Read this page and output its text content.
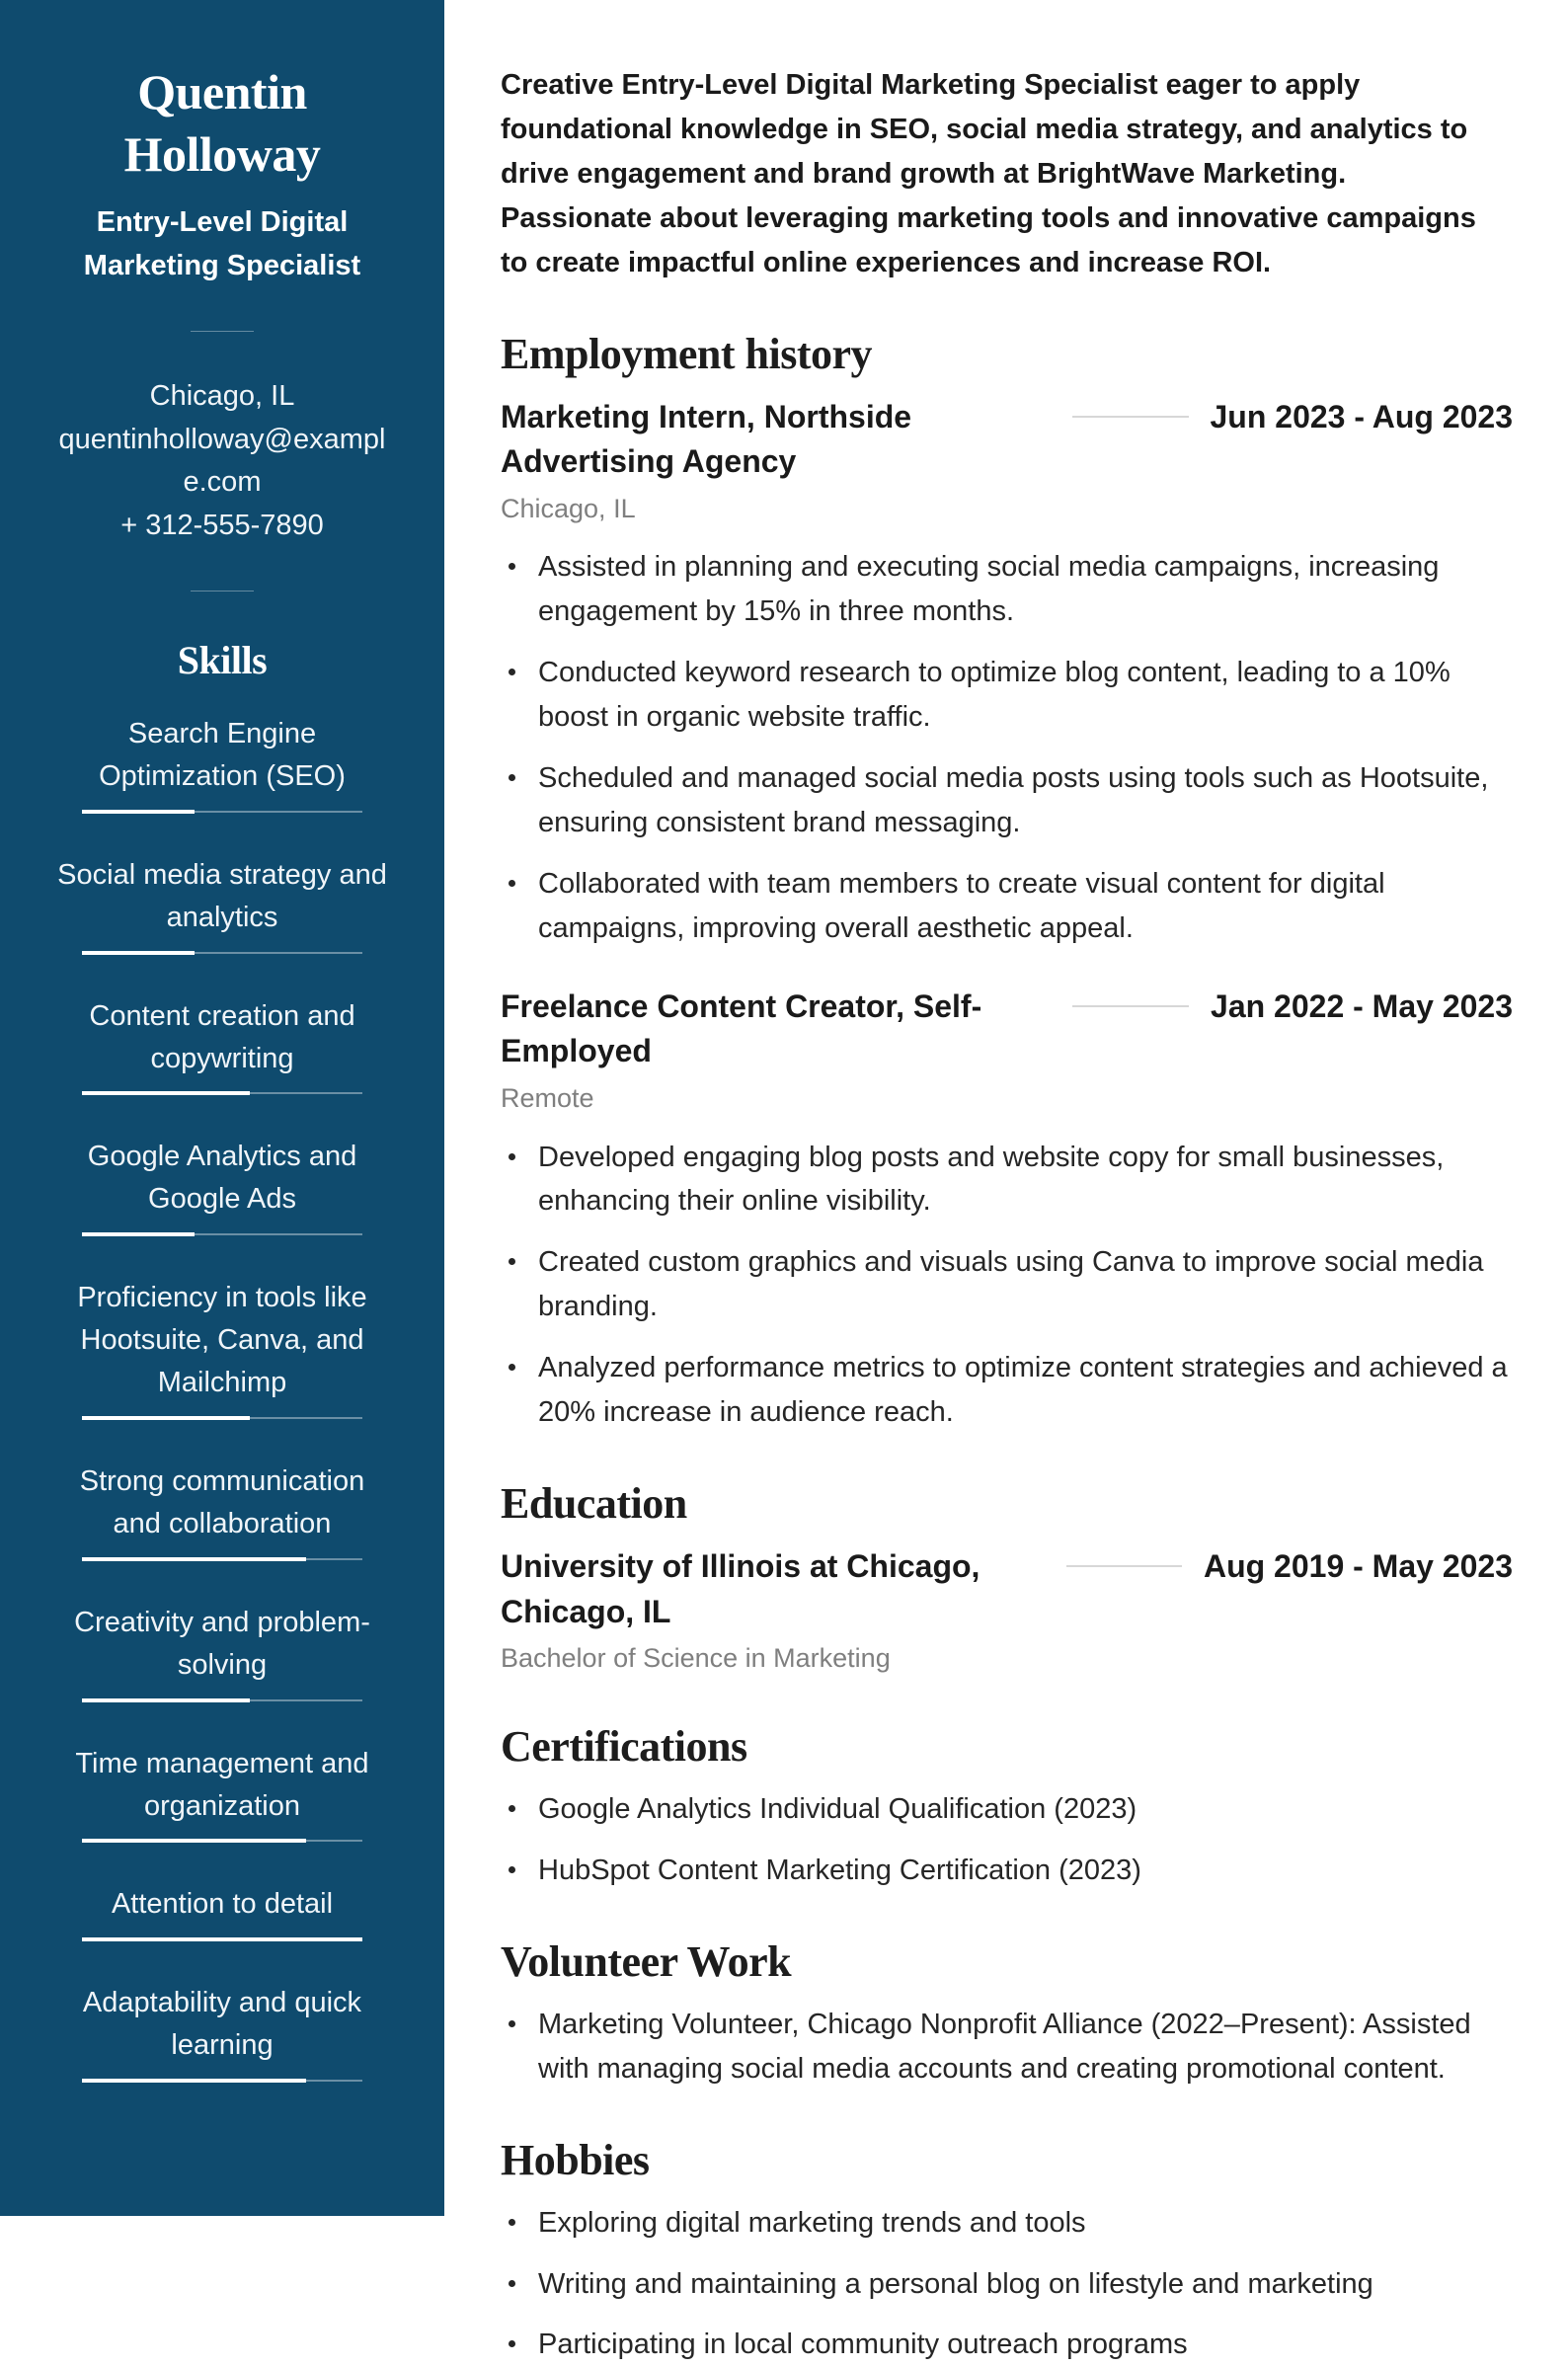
Quentin Holloway
Entry-Level Digital Marketing Specialist
Chicago, IL
quentinholloway@example.com
+ 312-555-7890
Skills
Search Engine Optimization (SEO)
Social media strategy and analytics
Content creation and copywriting
Google Analytics and Google Ads
Proficiency in tools like Hootsuite, Canva, and Mailchimp
Strong communication and collaboration
Creativity and problem-solving
Time management and organization
Attention to detail
Adaptability and quick learning

Creative Entry-Level Digital Marketing Specialist eager to apply foundational knowledge in SEO, social media strategy, and analytics to drive engagement and brand growth at BrightWave Marketing. Passionate about leveraging marketing tools and innovative campaigns to create impactful online experiences and increase ROI.

Employment history
Marketing Intern, Northside Advertising Agency
Jun 2023 - Aug 2023
Chicago, IL
Assisted in planning and executing social media campaigns, increasing engagement by 15% in three months.
Conducted keyword research to optimize blog content, leading to a 10% boost in organic website traffic.
Scheduled and managed social media posts using tools such as Hootsuite, ensuring consistent brand messaging.
Collaborated with team members to create visual content for digital campaigns, improving overall aesthetic appeal.
Freelance Content Creator, Self-Employed
Jan 2022 - May 2023
Remote
Developed engaging blog posts and website copy for small businesses, enhancing their online visibility.
Created custom graphics and visuals using Canva to improve social media branding.
Analyzed performance metrics to optimize content strategies and achieved a 20% increase in audience reach.
Education
University of Illinois at Chicago, Chicago, IL
Aug 2019 - May 2023
Bachelor of Science in Marketing
Certifications
Google Analytics Individual Qualification (2023)
HubSpot Content Marketing Certification (2023)
Volunteer Work
Marketing Volunteer, Chicago Nonprofit Alliance (2022–Present): Assisted with managing social media accounts and creating promotional content.
Hobbies
Exploring digital marketing trends and tools
Writing and maintaining a personal blog on lifestyle and marketing
Participating in local community outreach programs
